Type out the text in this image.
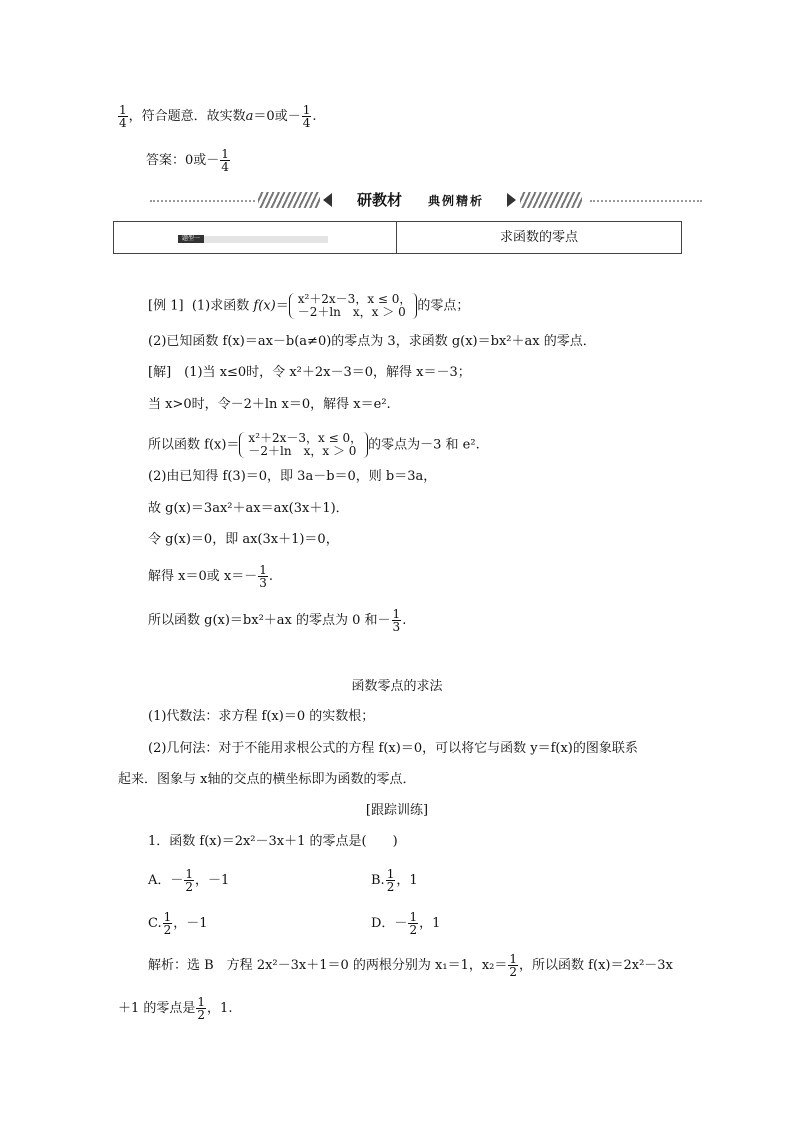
$\frac{1}{4}$ ，符合题意．故实数a＝0或－ $\frac{1}{4}$ .
答案：0或－ $\frac{1}{4}$
研教材 典例精析
题型一	求函数的零点
[例 1] (1)求函数 f(x)＝ x²＋2x－3，x ≤ 0，
－2＋ln　x，x ＞ 0 的零点；
(2)已知函数 f(x)＝ax－b(a≠0)的零点为 3，求函数 g(x)＝bx²＋ax 的零点．
[解]　(1)当 x≤0时，令 x²＋2x－3＝0，解得 x＝－3；
当 x>0时，令－2＋ln x＝0，解得 x＝e².
所以函数 f(x)＝ x²＋2x－3，x ≤ 0，
－2＋ln　x，x ＞ 0 的零点为－3 和 e².
(2)由已知得 f(3)＝0，即 3a－b＝0，则 b＝3a，
故 g(x)＝3ax²＋ax＝ax(3x＋1)．
令 g(x)＝0，即 ax(3x＋1)＝0，
解得 x＝0或 $x=- \frac{1}{3}$ .
所以函数 g(x)＝bx²＋ax 的零点为 0 和－ $\frac{1}{3}$ .
函数零点的求法
(1)代数法：求方程 f(x)＝0 的实数根；
(2)几何法：对于不能用求根公式的方程 f(x)＝0，可以将它与函数 y＝f(x)的图象联系
起来．图象与 x轴的交点的横坐标即为函数的零点．
[跟踪训练]
1．函数 f(x)＝2x²－3x＋1 的零点是(　　)
A．－ $\frac{1}{2}$ ，－1	B. $\frac{1}{2}$ ，1
C. $\frac{1}{2}$ ，－1	D．－ $\frac{1}{2}$ ，1
解析：选 B　方程 2x²－3x＋1＝0 的两根分别为 x₁＝1，$x_2= \frac{1}{2}$ ，所以函数 f(x)＝2x²－3x
＋1 的零点是 $\frac{1}{2}$ ，1.
